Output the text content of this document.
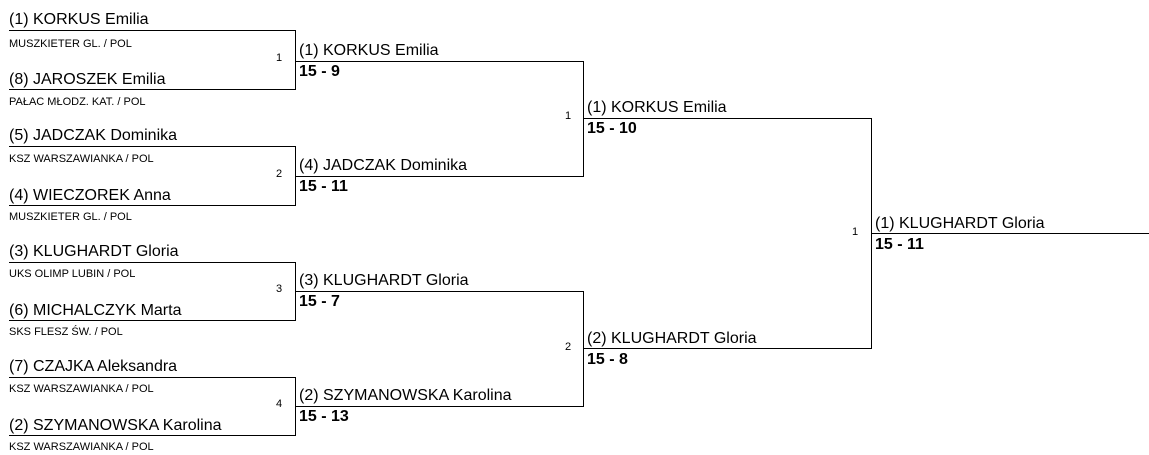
(1) KORKUS Emilia
(8) JAROSZEK Emilia
(5) JADCZAK Dominika
(4) WIECZOREK Anna
(3) KLUGHARDT Gloria
(6) MICHALCZYK Marta
(7) CZAJKA Aleksandra
(2) SZYMANOWSKA Karolina
MUSZKIETER GL. / POL
PAŁAC MŁODZ. KAT. / POL
KSZ WARSZAWIANKA / POL
MUSZKIETER GL. / POL
UKS OLIMP LUBIN / POL
SKS FLESZ ŚW. / POL
KSZ WARSZAWIANKA / POL
KSZ WARSZAWIANKA / POL
1
2
3
4
(1) KORKUS Emilia
15 - 9
(4) JADCZAK Dominika
15 - 11
(3) KLUGHARDT Gloria
15 - 7
(2) SZYMANOWSKA Karolina
15 - 13
1
2
(1) KORKUS Emilia
15 - 10
(2) KLUGHARDT Gloria
15 - 8
1 (1) KLUGHARDT Gloria
15 - 11
